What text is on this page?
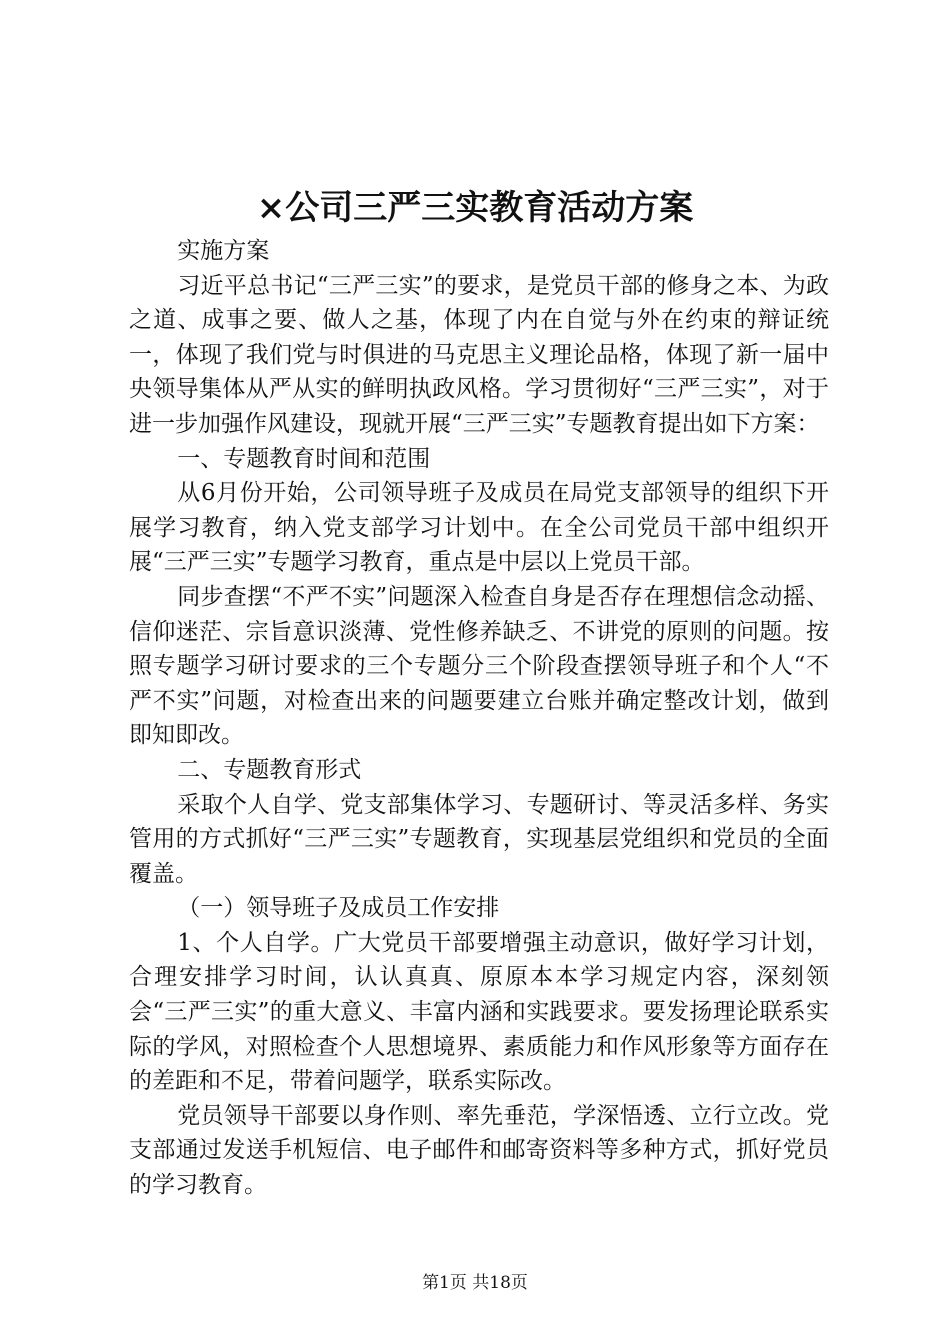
×公司三严三实教育活动方案

实施方案

习近平总书记“三严三实”的要求，是党员干部的修身之本、为政之道、成事之要、做人之基，体现了内在自觉与外在约束的辩证统一，体现了我们党与时俱进的马克思主义理论品格，体现了新一届中央领导集体从严从实的鲜明执政风格。学习贯彻好“三严三实”，对于进一步加强作风建设，现就开展“三严三实”专题教育提出如下方案：

一、专题教育时间和范围

从6月份开始，公司领导班子及成员在局党支部领导的组织下开展学习教育，纳入党支部学习计划中。在全公司党员干部中组织开展“三严三实”专题学习教育，重点是中层以上党员干部。

同步查摆“不严不实”问题深入检查自身是否存在理想信念动摇、信仰迷茫、宗旨意识淡薄、党性修养缺乏、不讲党的原则的问题。按照专题学习研讨要求的三个专题分三个阶段查摆领导班子和个人“不严不实”问题，对检查出来的问题要建立台账并确定整改计划，做到即知即改。

二、专题教育形式

采取个人自学、党支部集体学习、专题研讨、等灵活多样、务实管用的方式抓好“三严三实”专题教育，实现基层党组织和党员的全面覆盖。

（一）领导班子及成员工作安排

1、个人自学。广大党员干部要增强主动意识，做好学习计划，合理安排学习时间，认认真真、原原本本学习规定内容，深刻领会“三严三实”的重大意义、丰富内涵和实践要求。要发扬理论联系实际的学风，对照检查个人思想境界、素质能力和作风形象等方面存在的差距和不足，带着问题学，联系实际改。

党员领导干部要以身作则、率先垂范，学深悟透、立行立改。党支部通过发送手机短信、电子邮件和邮寄资料等多种方式，抓好党员的学习教育。

第1页 共18页
